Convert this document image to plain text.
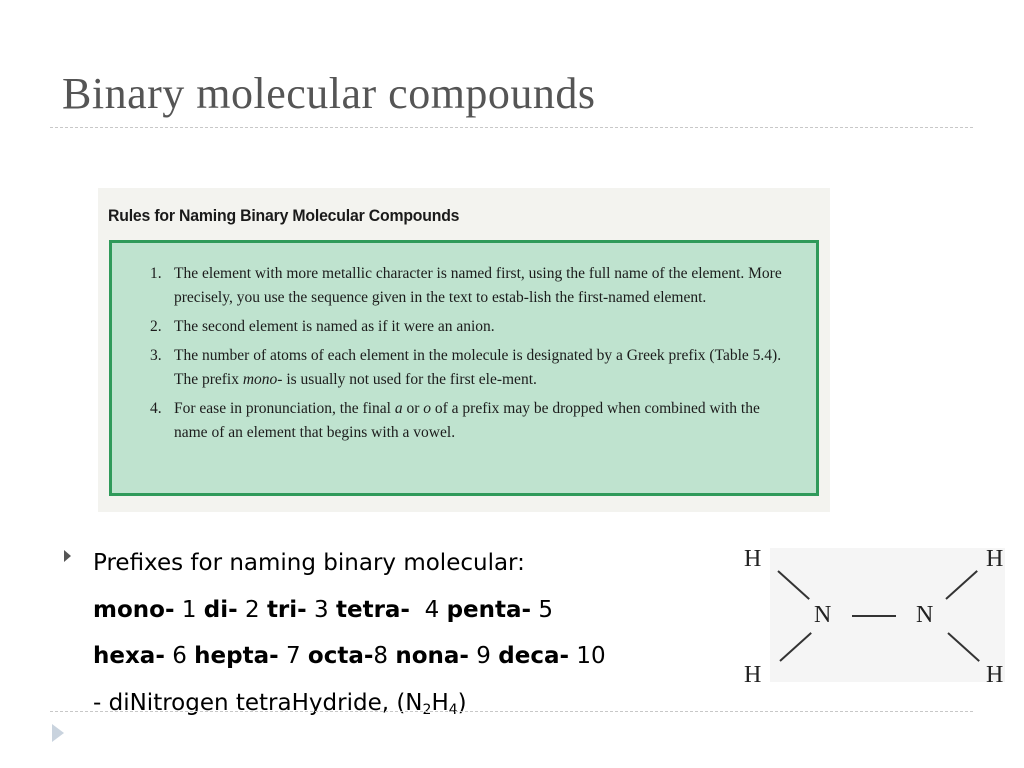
Binary molecular compounds
Rules for Naming Binary Molecular Compounds
1. The element with more metallic character is named first, using the full name of the element. More precisely, you use the sequence given in the text to estab-lish the first-named element.
2. The second element is named as if it were an anion.
3. The number of atoms of each element in the molecule is designated by a Greek prefix (Table 5.4). The prefix mono- is usually not used for the first ele-ment.
4. For ease in pronunciation, the final a or o of a prefix may be dropped when combined with the name of an element that begins with a vowel.
Prefixes for naming binary molecular:
mono- 1 di- 2 tri- 3 tetra- 4 penta- 5
hexa- 6 hepta- 7 octa-8 nona- 9 deca- 10
- diNitrogen tetraHydride, $(N_2H_4)$
H	H
H	H
N	N
